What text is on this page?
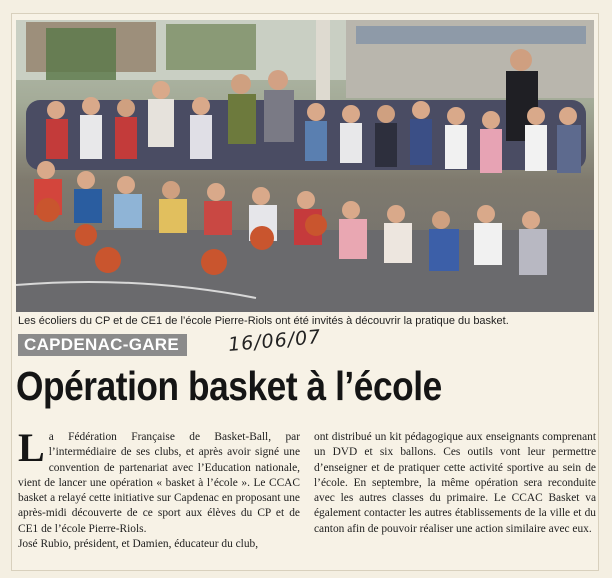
Les écoliers du CP et de CE1 de l’école Pierre-Riols ont été invités à découvrir la pratique du basket.
CAPDENAC-GARE	16/06/07
Opération basket à l’école

La Fédération Française de Basket-Ball, par l’intermédiaire de ses clubs, et après avoir signé une convention de partenariat avec l’Education nationale, vient de lancer une opération « basket à l’école ». Le CCAC basket a relayé cette initiative sur Capdenac en proposant une après-midi découverte de ce sport aux élèves du CP et de CE1 de l’école Pierre-Riols.

José Rubio, président, et Damien, éducateur du club,

ont distribué un kit pédagogique aux enseignants comprenant un DVD et six ballons. Ces outils vont leur permettre d’enseigner et de pratiquer cette activité sportive au sein de l’école. En septembre, la même opération sera reconduite avec les autres classes du primaire. Le CCAC Basket va également contacter les autres établissements de la ville et du canton afin de pouvoir réaliser une action similaire avec eux.
